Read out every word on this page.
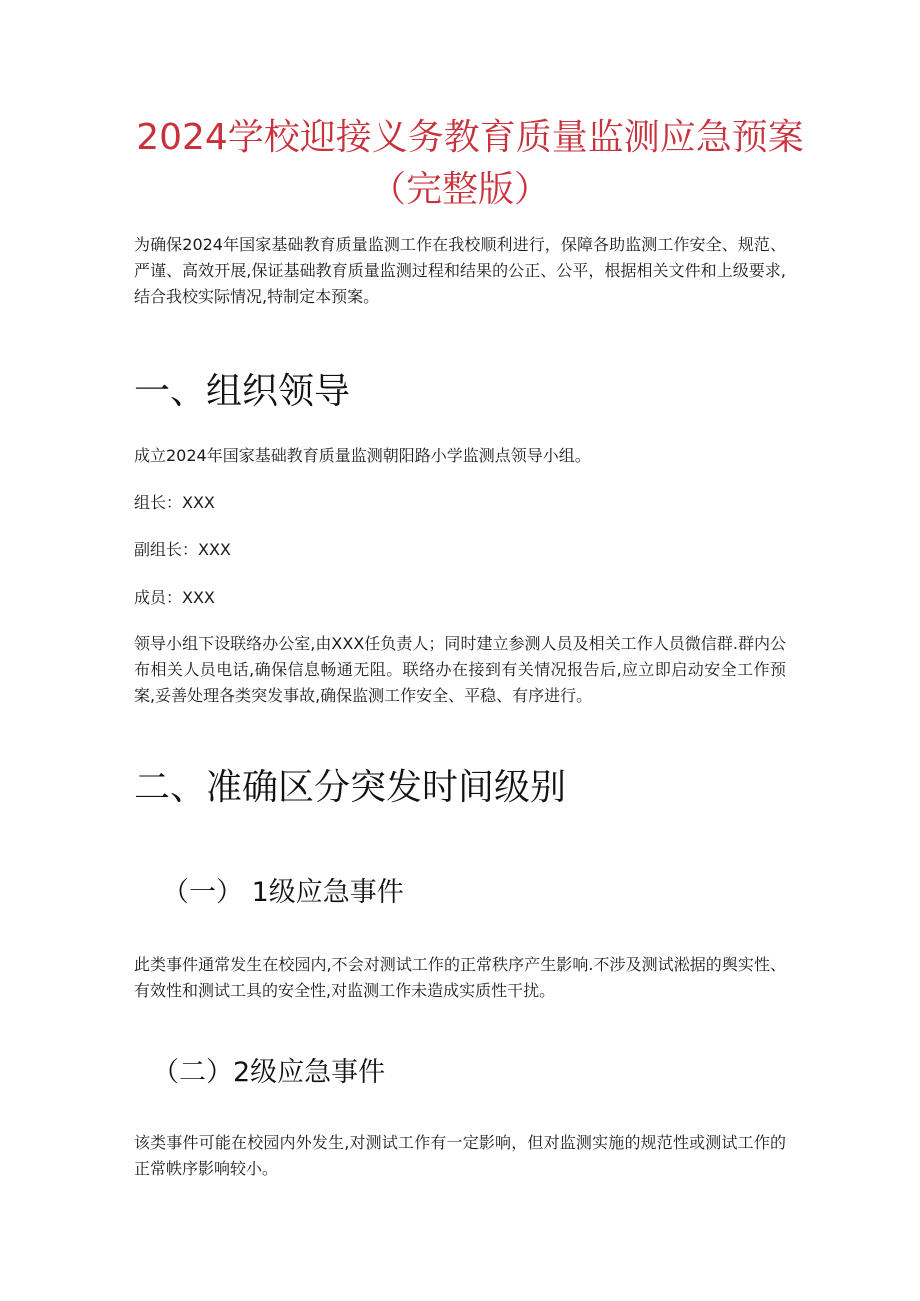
2024学校迎接义务教育质量监测应急预案
（完整版）

为确保2024年国家基础教育质量监测工作在我校顺利进行，保障各助监测工作安全、规范、严谨、高效开展,保证基础教育质量监测过程和结果的公正、公平，根据相关文件和上级要求,结合我校实际情况,特制定本预案。

一、组织领导

成立2024年国家基础教育质量监测朝阳路小学监测点领导小组。

组长：XXX

副组长：XXX

成员：XXX

领导小组下设联络办公室,由XXX任负责人；同时建立参测人员及相关工作人员微信群.群内公布相关人员电话,确保信息畅通无阻。联络办在接到有关情况报告后,应立即启动安全工作预案,妥善处理各类突发事故,确保监测工作安全、平稳、有序进行。

二、准确区分突发时间级别
（一） 1级应急事件

此类事件通常发生在校园内,不会对测试工作的正常秩序产生影响.不涉及测试淞据的舆实性、有效性和测试工具的安全性,对监测工作未造成实质性干扰。

（二）2级应急事件

该类事件可能在校园内外发生,对测试工作有一定影响，但对监测实施的规范性或测试工作的正常帙序影响较小。
